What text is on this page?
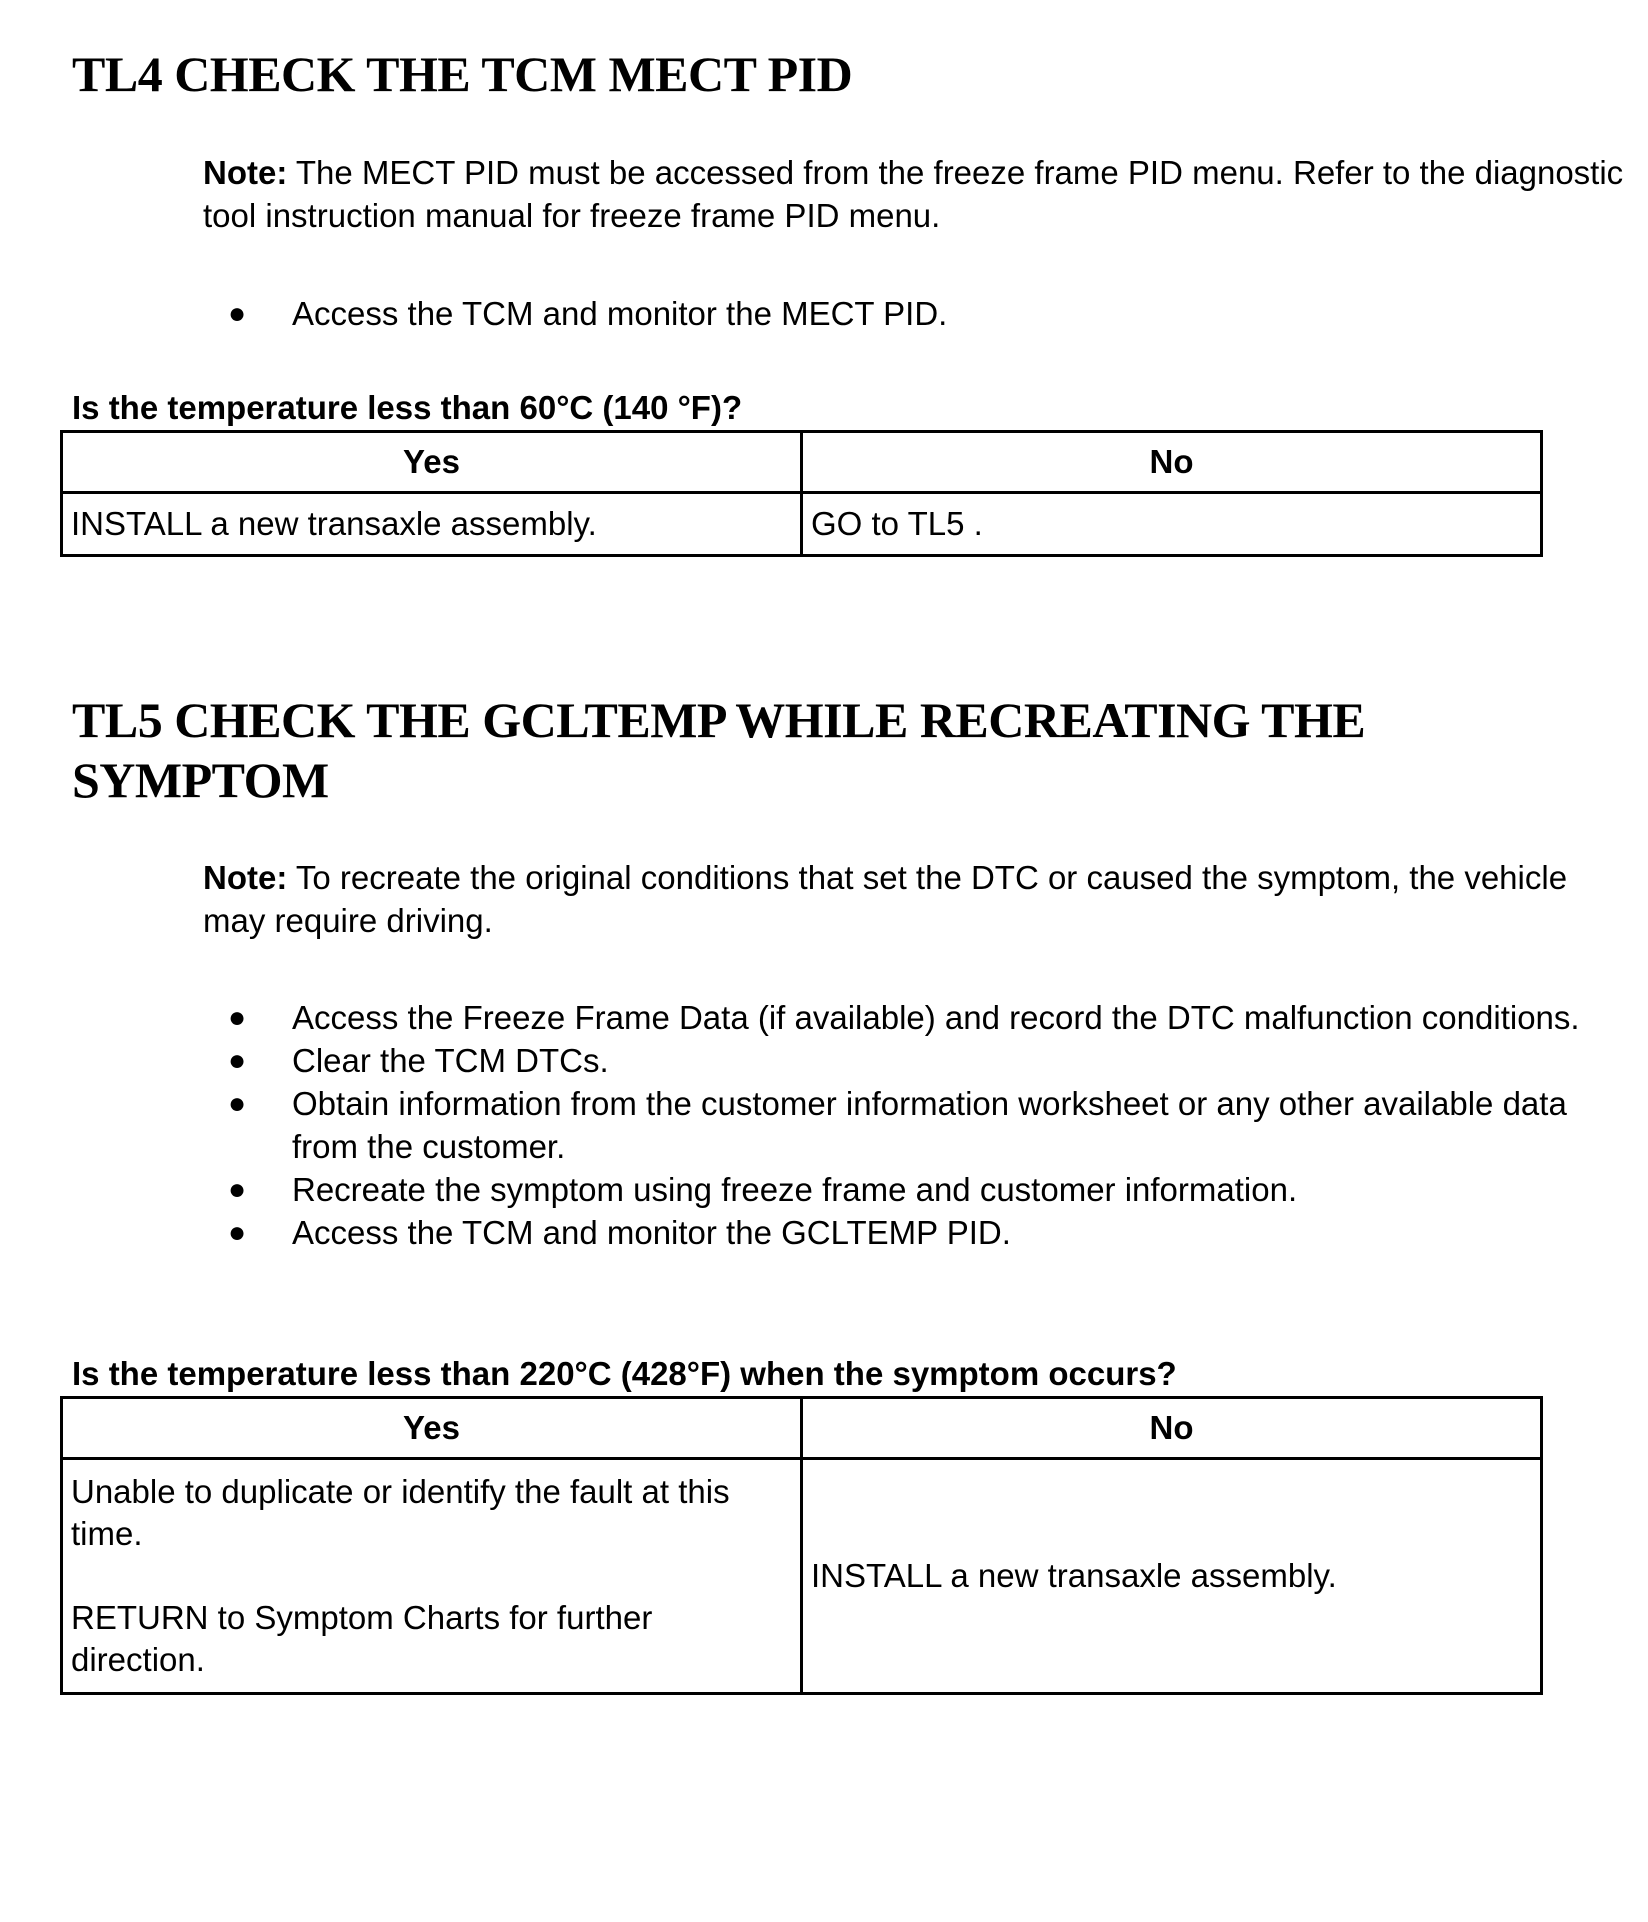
TL4 CHECK THE TCM MECT PID

Note: The MECT PID must be accessed from the freeze frame PID menu. Refer to the diagnostic tool instruction manual for freeze frame PID menu.

● Access the TCM and monitor the MECT PID.

Is the temperature less than 60°C (140 °F)?

Yes	No
INSTALL a new transaxle assembly.	GO to TL5 .
TL5 CHECK THE GCLTEMP WHILE RECREATING THE
SYMPTOM

Note: To recreate the original conditions that set the DTC or caused the symptom, the vehicle may require driving.

● Access the Freeze Frame Data (if available) and record the DTC malfunction conditions.
● Clear the TCM DTCs.
● Obtain information from the customer information worksheet or any other available data from the customer.
● Recreate the symptom using freeze frame and customer information.
● Access the TCM and monitor the GCLTEMP PID.

Is the temperature less than 220°C (428°F) when the symptom occurs?

Yes	No

Unable to duplicate or identify the fault at this time.

RETURN to Symptom Charts for further direction.	INSTALL a new transaxle assembly.
